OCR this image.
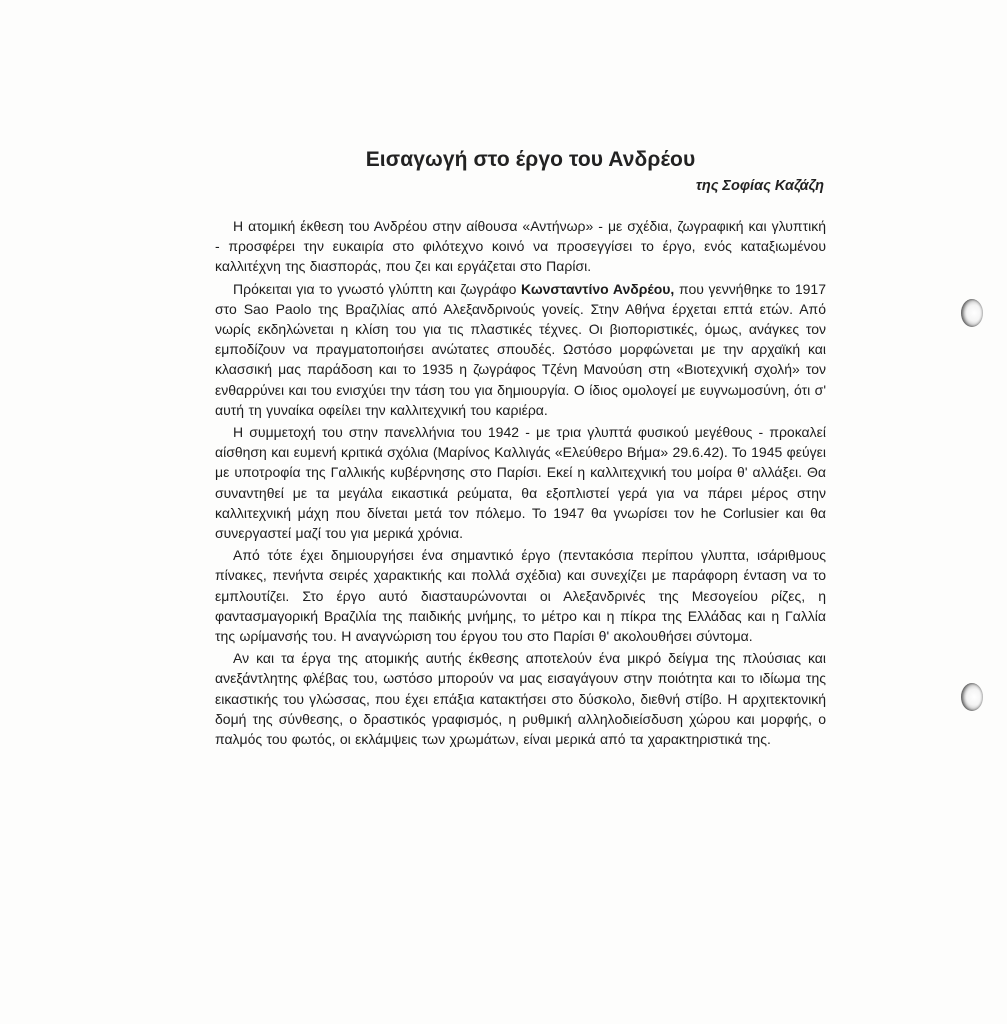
Εισαγωγή στο έργο του Ανδρέου
της Σοφίας Καζάζη

Η ατομική έκθεση του Ανδρέου στην αίθουσα «Αντήνωρ» - με σχέδια, ζωγραφική και γλυπτική - προσφέρει την ευκαιρία στο φιλότεχνο κοινό να προσεγγίσει το έργο, ενός καταξιωμένου καλλιτέχνη της διασποράς, που ζει και εργάζεται στο Παρίσι.

Πρόκειται για το γνωστό γλύπτη και ζωγράφο Κωνσταντίνο Ανδρέου, που γεννήθηκε το 1917 στο Sao Paolo της Βραζιλίας από Αλεξανδρινούς γονείς. Στην Αθήνα έρχεται επτά ετών. Από νωρίς εκδηλώνεται η κλίση του για τις πλαστικές τέχνες. Οι βιοποριστικές, όμως, ανάγκες τον εμποδίζουν να πραγματοποιήσει ανώτατες σπουδές. Ωστόσο μορφώνεται με την αρχαϊκή και κλασσική μας παράδοση και το 1935 η ζωγράφος Τζένη Μανούση στη «Βιοτεχνική σχολή» τον ενθαρρύνει και του ενισχύει την τάση του για δημιουργία. Ο ίδιος ομολογεί με ευγνωμοσύνη, ότι σ' αυτή τη γυναίκα οφείλει την καλλιτεχνική του καριέρα.

Η συμμετοχή του στην πανελλήνια του 1942 - με τρια γλυπτά φυσικού μεγέθους - προκαλεί αίσθηση και ευμενή κριτικά σχόλια (Μαρίνος Καλλιγάς «Ελεύθερο Βήμα» 29.6.42). Το 1945 φεύγει με υποτροφία της Γαλλικής κυβέρνησης στο Παρίσι. Εκεί η καλλιτεχνική του μοίρα θ' αλλάξει. Θα συναντηθεί με τα μεγάλα εικαστικά ρεύματα, θα εξοπλιστεί γερά για να πάρει μέρος στην καλλιτεχνική μάχη που δίνεται μετά τον πόλεμο. Το 1947 θα γνωρίσει τον he Corlusier και θα συνεργαστεί μαζί του για μερικά χρόνια.

Από τότε έχει δημιουργήσει ένα σημαντικό έργο (πεντακόσια περίπου γλυπτα, ισάριθμους πίνακες, πενήντα σειρές χαρακτικής και πολλά σχέδια) και συνεχίζει με παράφορη ένταση να το εμπλουτίζει. Στο έργο αυτό διασταυρώνονται οι Αλεξανδρινές της Μεσογείου ρίζες, η φαντασμαγορική Βραζιλία της παιδικής μνήμης, το μέτρο και η πίκρα της Ελλάδας και η Γαλλία της ωρίμανσής του. Η αναγνώριση του έργου του στο Παρίσι θ' ακολουθήσει σύντομα.

Αν και τα έργα της ατομικής αυτής έκθεσης αποτελούν ένα μικρό δείγμα της πλούσιας και ανεξάντλητης φλέβας του, ωστόσο μπορούν να μας εισαγάγουν στην ποιότητα και το ιδίωμα της εικαστικής του γλώσσας, που έχει επάξια κατακτήσει στο δύσκολο, διεθνή στίβο. Η αρχιτεκτονική δομή της σύνθεσης, ο δραστικός γραφισμός, η ρυθμική αλληλοδιείσδυση χώρου και μορφής, ο παλμός του φωτός, οι εκλάμψεις των χρωμάτων, είναι μερικά από τα χαρακτηριστικά της.
